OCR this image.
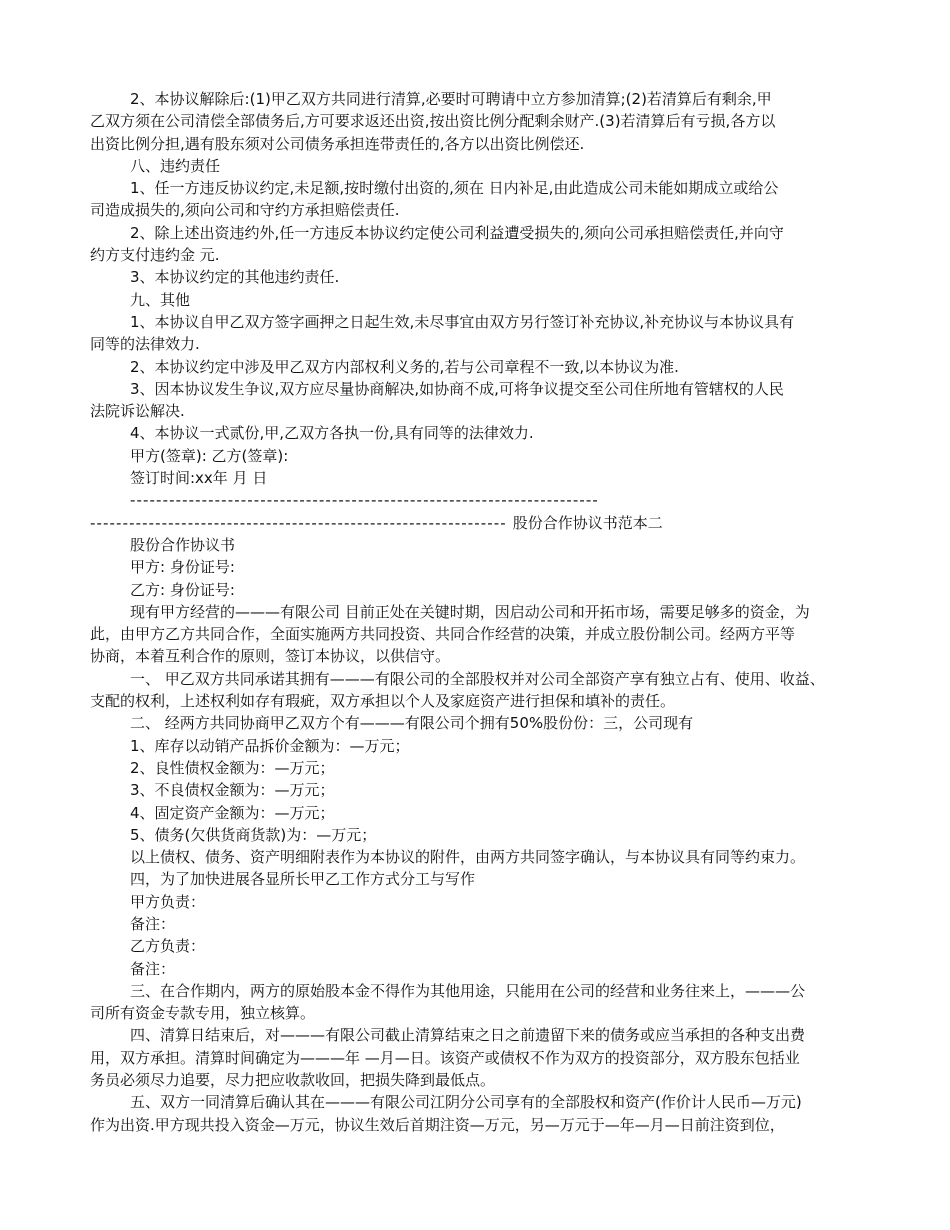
2、本协议解除后:(1)甲乙双方共同进行清算,必要时可聘请中立方参加清算;(2)若清算后有剩余,甲
乙双方须在公司清偿全部债务后,方可要求返还出资,按出资比例分配剩余财产.(3)若清算后有亏损,各方以
出资比例分担,遇有股东须对公司债务承担连带责任的,各方以出资比例偿还.
八、违约责任
1、任一方违反协议约定,未足额,按时缴付出资的,须在 日内补足,由此造成公司未能如期成立或给公
司造成损失的,须向公司和守约方承担赔偿责任.
2、除上述出资违约外,任一方违反本协议约定使公司利益遭受损失的,须向公司承担赔偿责任,并向守
约方支付违约金 元.
3、本协议约定的其他违约责任.
九、其他
1、本协议自甲乙双方签字画押之日起生效,未尽事宜由双方另行签订补充协议,补充协议与本协议具有
同等的法律效力.
2、本协议约定中涉及甲乙双方内部权利义务的,若与公司章程不一致,以本协议为准.
3、因本协议发生争议,双方应尽量协商解决,如协商不成,可将争议提交至公司住所地有管辖权的人民
法院诉讼解决.
4、本协议一式贰份,甲,乙双方各执一份,具有同等的法律效力.
甲方(签章): 乙方(签章):
签订时间:xx年 月 日
------------------------------------------------------------------------
---------------------------------------------------------------- 股份合作协议书范本二
股份合作协议书
甲方: 身份证号:
乙方: 身份证号:
现有甲方经营的———有限公司 目前正处在关键时期，因启动公司和开拓市场，需要足够多的资金，为
此，由甲方乙方共同合作，全面实施两方共同投资、共同合作经营的决策，并成立股份制公司。经两方平等
协商，本着互利合作的原则，签订本协议，以供信守。
一、 甲乙双方共同承诺其拥有———有限公司的全部股权并对公司全部资产享有独立占有、使用、收益、
支配的权利，上述权利如存有瑕疵，双方承担以个人及家庭资产进行担保和填补的责任。
二、 经两方共同协商甲乙双方个有———有限公司个拥有50%股份份：三，公司现有
1、库存以动销产品拆价金额为：—万元；
2、良性债权金额为：—万元；
3、不良债权金额为：—万元；
4、固定资产金额为：—万元；
5、债务(欠供货商货款)为：—万元；
以上债权、债务、资产明细附表作为本协议的附件，由两方共同签字确认，与本协议具有同等约束力。
四，为了加快进展各显所长甲乙工作方式分工与写作
甲方负责：
备注：
乙方负责：
备注：
三、在合作期内，两方的原始股本金不得作为其他用途，只能用在公司的经营和业务往来上，———公
司所有资金专款专用，独立核算。
四、清算日结束后，对———有限公司截止清算结束之日之前遗留下来的债务或应当承担的各种支出费
用，双方承担。清算时间确定为———年 —月—日。该资产或债权不作为双方的投资部分，双方股东包括业
务员必须尽力追要，尽力把应收款收回，把损失降到最低点。
五、双方一同清算后确认其在———有限公司江阴分公司享有的全部股权和资产(作价计人民币—万元)
作为出资.甲方现共投入资金—万元，协议生效后首期注资—万元，另—万元于—年—月—日前注资到位，
